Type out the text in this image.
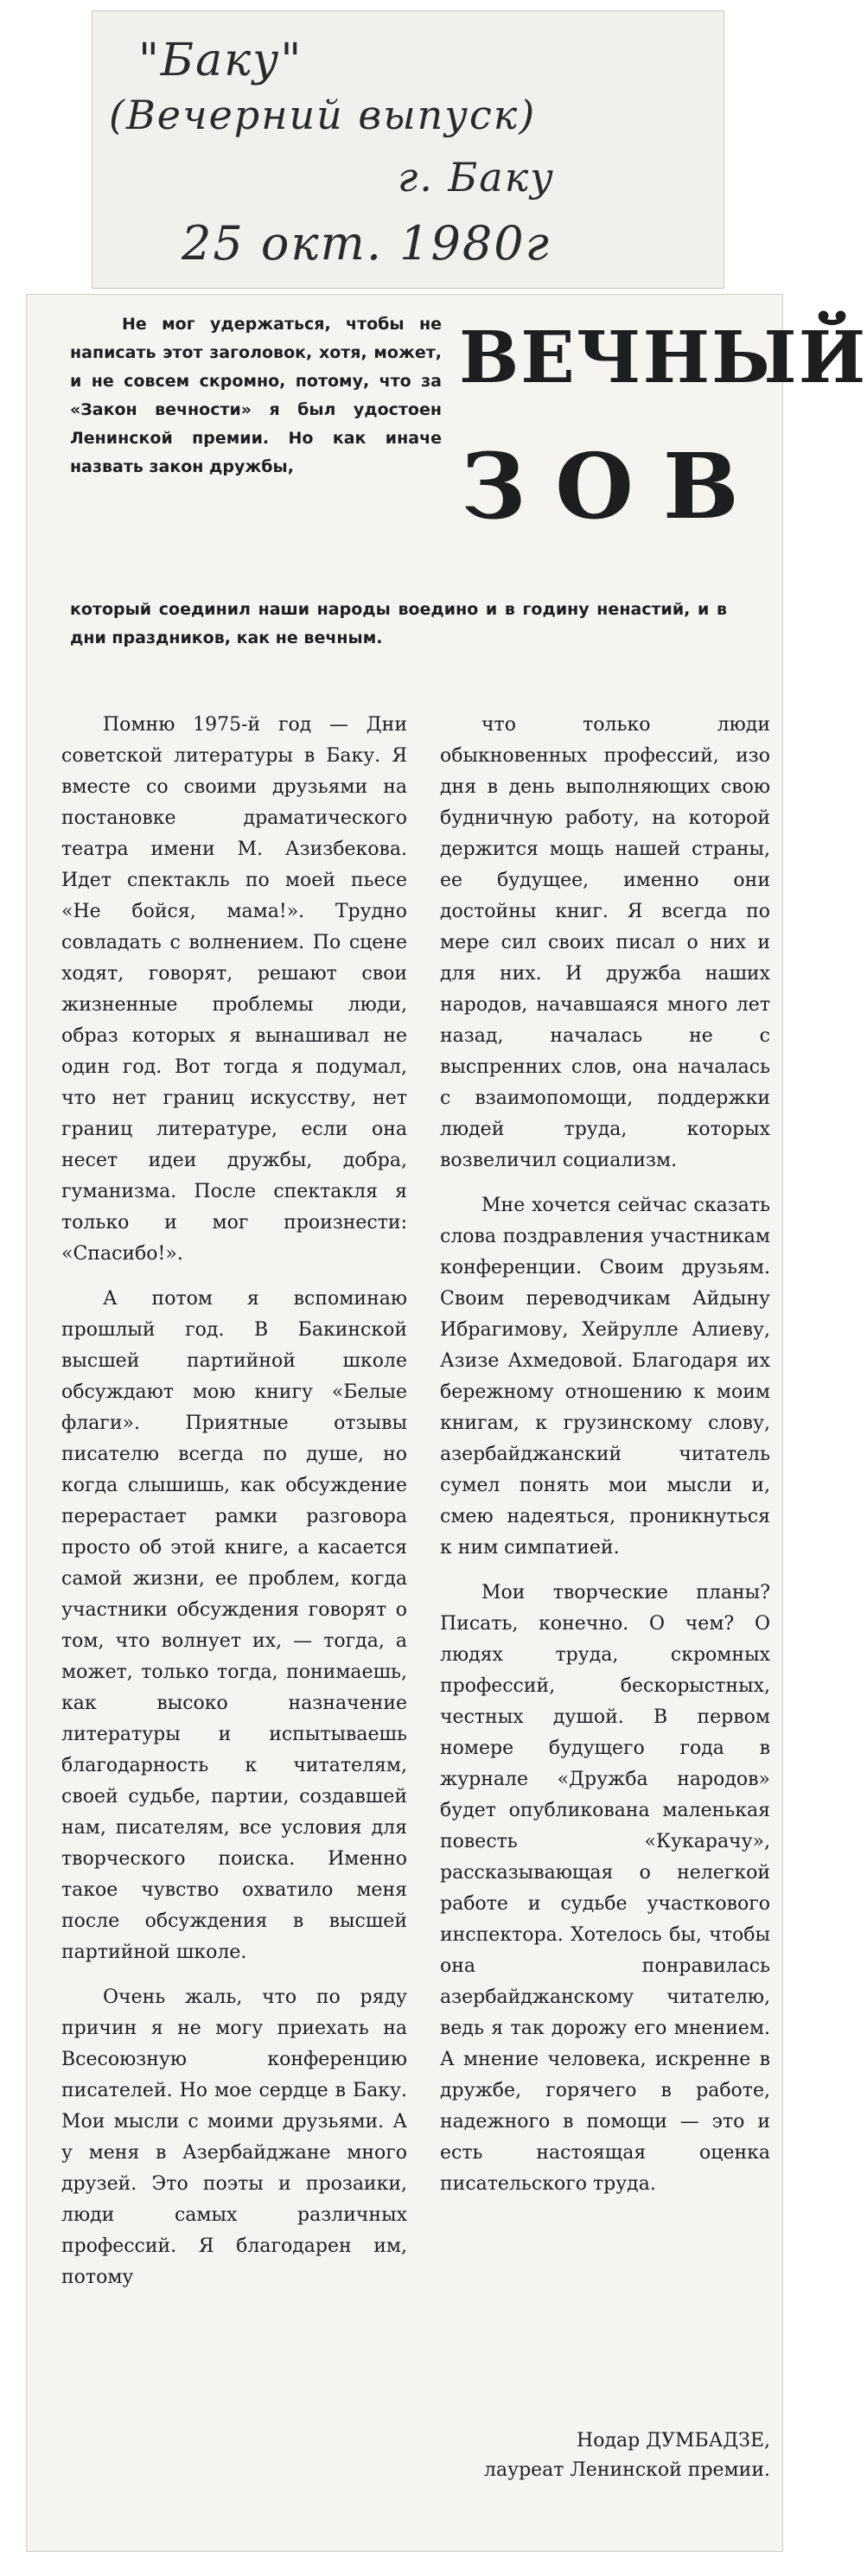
"Баку"
(Вечерний выпуск)
г. Баку
25 окт. 1980г

Не мог удержаться, чтобы не написать этот заголовок, хотя, может, и не совсем скромно, потому, что за «Закон вечности» я был удостоен Ленинской премии. Но как иначе назвать закон дружбы,

ВЕЧНЫЙ
ЗОВ

который соединил наши народы воедино и в годину ненастий, и в дни праздников, как не вечным.

Помню 1975-й год — Дни советской литературы в Баку. Я вместе со своими друзьями на постановке драматического театра имени М. Азизбекова. Идет спектакль по моей пьесе «Не бойся, мама!». Трудно совладать с волнением. По сцене ходят, говорят, решают свои жизненные проблемы люди, образ которых я вынашивал не один год. Вот тогда я подумал, что нет границ искусству, нет границ литературе, если она несет идеи дружбы, добра, гуманизма. После спектакля я только и мог произнести: «Спасибо!».

А потом я вспоминаю прошлый год. В Бакинской высшей партийной школе обсуждают мою книгу «Белые флаги». Приятные отзывы писателю всегда по душе, но когда слышишь, как обсуждение перерастает рамки разговора просто об этой книге, а касается самой жизни, ее проблем, когда участники обсуждения говорят о том, что волнует их, — тогда, а может, только тогда, понимаешь, как высоко назначение литературы и испытываешь благодарность к читателям, своей судьбе, партии, создавшей нам, писателям, все условия для творческого поиска. Именно такое чувство охватило меня после обсуждения в высшей партийной школе.

Очень жаль, что по ряду причин я не могу приехать на Всесоюзную конференцию писателей. Но мое сердце в Баку. Мои мысли с моими друзьями. А у меня в Азербайджане много друзей. Это поэты и прозаики, люди самых различных профессий. Я благодарен им, потому

что только люди обыкновенных профессий, изо дня в день выполняющих свою будничную работу, на которой держится мощь нашей страны, ее будущее, именно они достойны книг. Я всегда по мере сил своих писал о них и для них. И дружба наших народов, начавшаяся много лет назад, началась не с выспренних слов, она началась с взаимопомощи, поддержки людей труда, которых возвеличил социализм.

Мне хочется сейчас сказать слова поздравления участникам конференции. Своим друзьям. Своим переводчикам Айдыну Ибрагимову, Хейрулле Алиеву, Азизе Ахмедовой. Благодаря их бережному отношению к моим книгам, к грузинскому слову, азербайджанский читатель сумел понять мои мысли и, смею надеяться, проникнуться к ним симпатией.

Мои творческие планы? Писать, конечно. О чем? О людях труда, скромных профессий, бескорыстных, честных душой. В первом номере будущего года в журнале «Дружба народов» будет опубликована маленькая повесть «Кукарачу», рассказывающая о нелегкой работе и судьбе участкового инспектора. Хотелось бы, чтобы она понравилась азербайджанскому читателю, ведь я так дорожу его мнением. А мнение человека, искренне в дружбе, горячего в работе, надежного в помощи — это и есть настоящая оценка писательского труда.

Нодар ДУМБАДЗЕ,
лауреат Ленинской премии.
